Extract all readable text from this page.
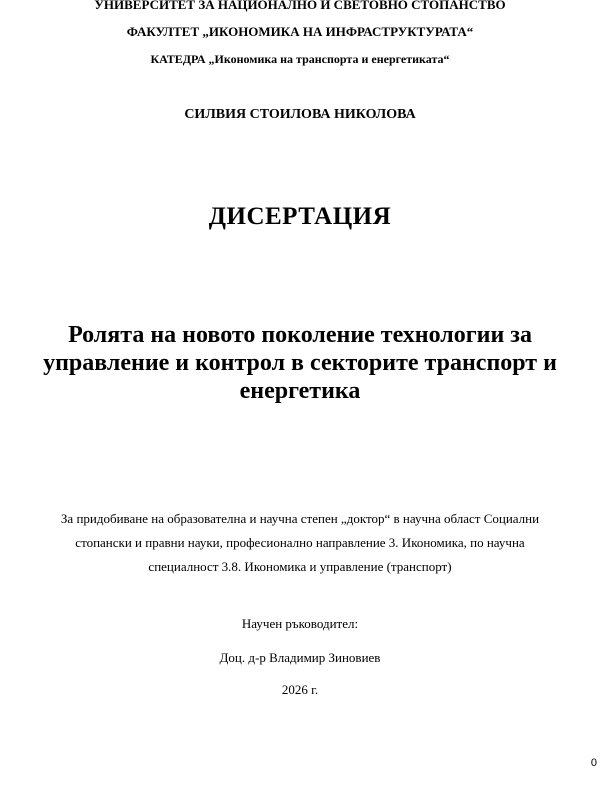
УНИВЕРСИТЕТ ЗА НАЦИОНАЛНО И СВЕТОВНО СТОПАНСТВО
ФАКУЛТЕТ „ИКОНОМИКА НА ИНФРАСТРУКТУРАТА“
КАТЕДРА „Икономика на транспорта и енергетиката“
СИЛВИЯ СТОИЛОВА НИКОЛОВА
ДИСЕРТАЦИЯ
Ролята на новото поколение технологии за
управление и контрол в секторите транспорт и
енергетика
За придобиване на образователна и научна степен „доктор“ в научна област Социални
стопански и правни науки, професионално направление 3. Икономика, по научна
специалност 3.8. Икономика и управление (транспорт)
Научен ръководител:
Доц. д-р Владимир Зиновиев
2026 г.
0
